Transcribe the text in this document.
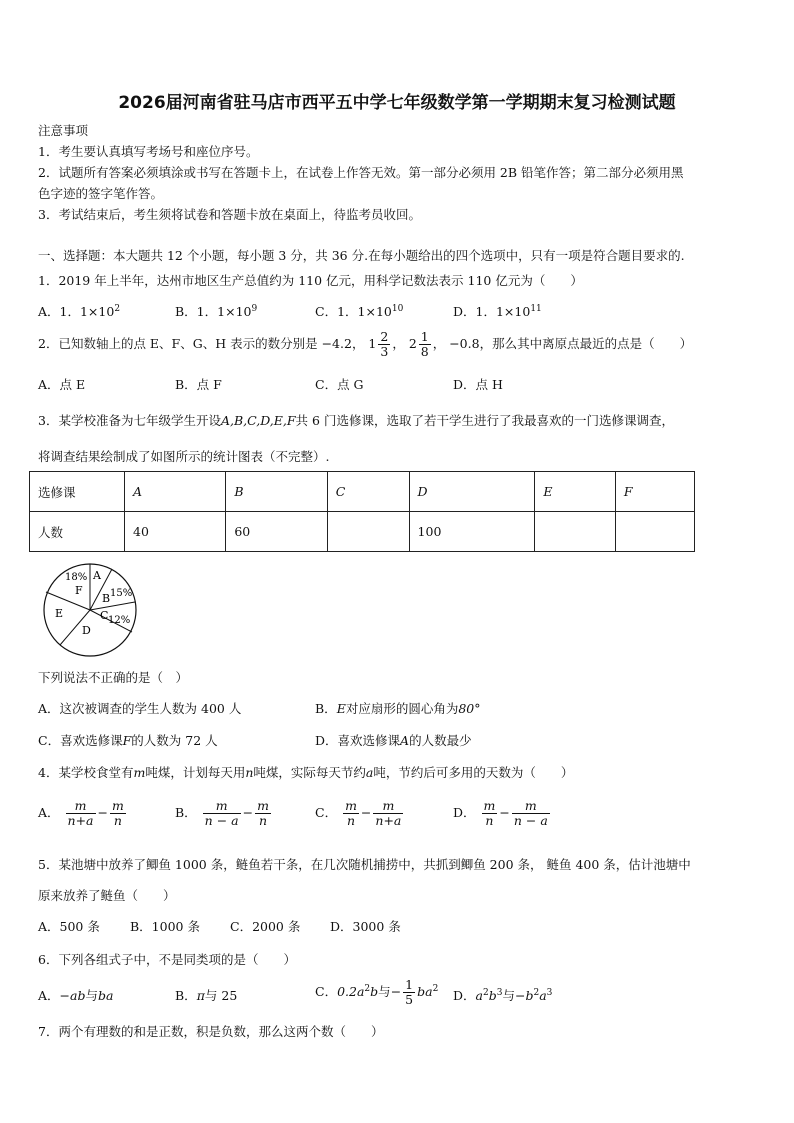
2026届河南省驻马店市西平五中学七年级数学第一学期期末复习检测试题
注意事项
1．考生要认真填写考场号和座位序号。
2．试题所有答案必须填涂或书写在答题卡上，在试卷上作答无效。第一部分必须用 2B 铅笔作答；第二部分必须用黑
色字迹的签字笔作答。
3．考试结束后，考生须将试卷和答题卡放在桌面上，待监考员收回。
一、选择题：本大题共 12 个小题，每小题 3 分，共 36 分.在每小题给出的四个选项中，只有一项是符合题目要求的.
1．2019 年上半年，达州市地区生产总值约为 110 亿元，用科学记数法表示 110 亿元为（　　）
A．1．$1\times 10^2$	B．1．$1\times 10^9$	C．1．$1\times 10^{10}$	D．1．$1\times 10^{11}$
2．已知数轴上的点 E、F、G、H 表示的数分别是 −4.2， $1 \frac{2}{3}$ ， $2 \frac{1}{8}$ ， −0.8，那么其中离原点最近的点是（　　）
A．点 E	B．点 F	C．点 G	D．点 H
3．某学校准备为七年级学生开设A,B,C,D,E,F共 6 门选修课，选取了若干学生进行了我最喜欢的一门选修课调查，
将调查结果绘制成了如图所示的统计图表（不完整）.
选修课	A	B	C	D	E	F
人数	40	60		100		
A
B 15%
C 12%
D
E
F
18%
下列说法不正确的是（　）
A．这次被调查的学生人数为 400 人	B．E对应扇形的圆心角为80°
C．喜欢选修课F的人数为 72 人	D．喜欢选修课A的人数最少
4．某学校食堂有m吨煤，计划每天用n吨煤，实际每天节约a吨，节约后可多用的天数为（　　）
A． $\frac{m}{n+a} - \frac{m}{n}$	B． $\frac{m}{n - a} - \frac{m}{n}$	C． $\frac{m}{n} - \frac{m}{n+a}$	D． $\frac{m}{n} - \frac{m}{n - a}$
5．某池塘中放养了鲫鱼 1000 条，鲢鱼若干条，在几次随机捕捞中，共抓到鲫鱼 200 条， 鲢鱼 400 条，估计池塘中
原来放养了鲢鱼（　　）
A．500 条 B．1000 条 C．2000 条 D．3000 条
6．下列各组式子中，不是同类项的是（　　）
A．−ab与ba	B．π与 25	C．$0.2a^2b$与− $\frac{1}{5} ba^2$ D．$a^2b^3$与$-b^2a^3$
7．两个有理数的和是正数，积是负数，那么这两个数（　　）
